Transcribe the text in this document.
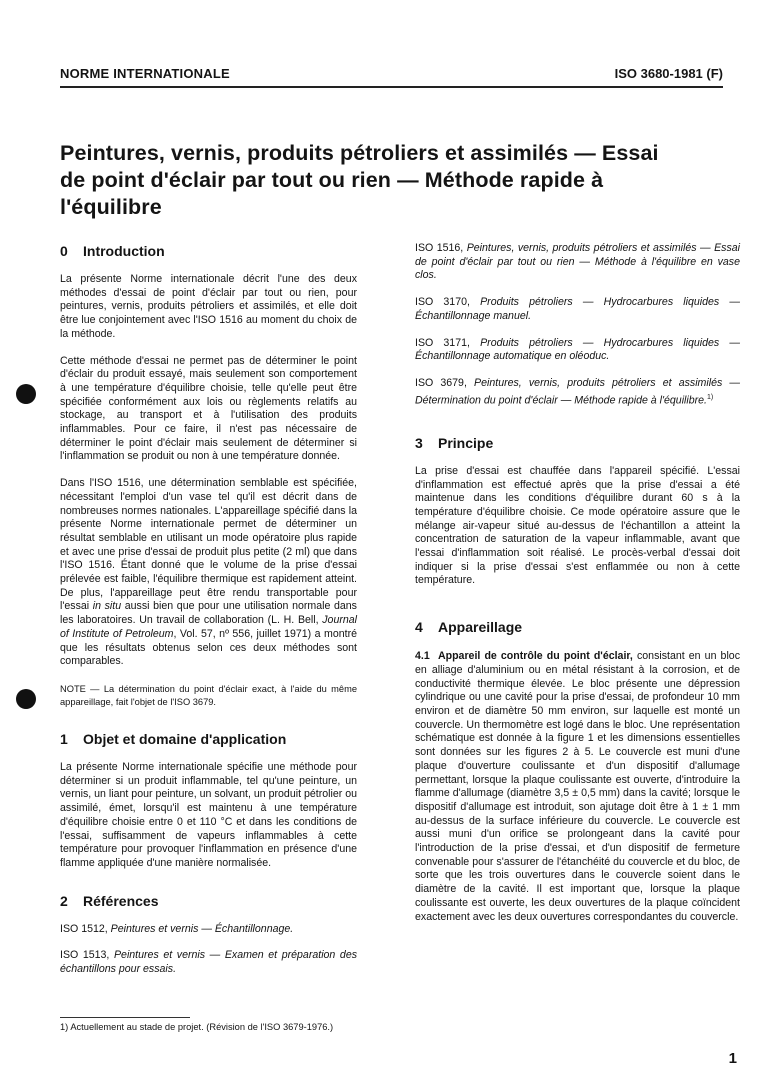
NORME INTERNATIONALE	ISO 3680-1981 (F)
Peintures, vernis, produits pétroliers et assimilés — Essai
de point d'éclair par tout ou rien — Méthode rapide à
l'équilibre
0 Introduction

La présente Norme internationale décrit l'une des deux méthodes d'essai de point d'éclair par tout ou rien, pour peintures, vernis, produits pétroliers et assimilés, et elle doit être lue conjointement avec l'ISO 1516 au moment du choix de la méthode.

Cette méthode d'essai ne permet pas de déterminer le point d'éclair du produit essayé, mais seulement son comportement à une température d'équilibre choisie, telle qu'elle peut être spécifiée conformément aux lois ou règlements relatifs au stockage, au transport et à l'utilisation des produits inflammables. Pour ce faire, il n'est pas nécessaire de déterminer le point d'éclair mais seulement de déterminer si l'inflammation se produit ou non à une température donnée.

Dans l'ISO 1516, une détermination semblable est spécifiée, nécessitant l'emploi d'un vase tel qu'il est décrit dans de nombreuses normes nationales. L'appareillage spécifié dans la présente Norme internationale permet de déterminer un résultat semblable en utilisant un mode opératoire plus rapide et avec une prise d'essai de produit plus petite (2 ml) que dans l'ISO 1516. Étant donné que le volume de la prise d'essai prélevée est faible, l'équilibre thermique est rapidement atteint. De plus, l'appareillage peut être rendu transportable pour l'essai in situ aussi bien que pour une utilisation normale dans les laboratoires. Un travail de collaboration (L. H. Bell, Journal of Institute of Petroleum, Vol. 57, nº 556, juillet 1971) a montré que les résultats obtenus selon ces deux méthodes sont comparables.

NOTE — La détermination du point d'éclair exact, à l'aide du même appareillage, fait l'objet de l'ISO 3679.

1 Objet et domaine d'application

La présente Norme internationale spécifie une méthode pour déterminer si un produit inflammable, tel qu'une peinture, un vernis, un liant pour peinture, un solvant, un produit pétrolier ou assimilé, émet, lorsqu'il est maintenu à une température d'équilibre choisie entre 0 et 110 °C et dans les conditions de l'essai, suffisamment de vapeurs inflammables à cette température pour provoquer l'inflammation en présence d'une flamme appliquée d'une manière normalisée.

2 Références

ISO 1512, Peintures et vernis — Échantillonnage.

ISO 1513, Peintures et vernis — Examen et préparation des échantillons pour essais.

ISO 1516, Peintures, vernis, produits pétroliers et assimilés — Essai de point d'éclair par tout ou rien — Méthode à l'équilibre en vase clos.

ISO 3170, Produits pétroliers — Hydrocarbures liquides — Échantillonnage manuel.

ISO 3171, Produits pétroliers — Hydrocarbures liquides — Échantillonnage automatique en oléoduc.

ISO 3679, Peintures, vernis, produits pétroliers et assimilés — Détermination du point d'éclair — Méthode rapide à l'équilibre.$^{1)}$

3 Principe

La prise d'essai est chauffée dans l'appareil spécifié. L'essai d'inflammation est effectué après que la prise d'essai a été maintenue dans les conditions d'équilibre durant 60 s à la température d'équilibre choisie. Ce mode opératoire assure que le mélange air-vapeur situé au-dessus de l'échantillon a atteint la concentration de saturation de la vapeur inflammable, avant que l'essai d'inflammation soit réalisé. Le procès-verbal d'essai doit indiquer si la prise d'essai s'est enflammée ou non à cette température.

4 Appareillage

4.1 Appareil de contrôle du point d'éclair, consistant en un bloc en alliage d'aluminium ou en métal résistant à la corrosion, et de conductivité thermique élevée. Le bloc présente une dépression cylindrique ou une cavité pour la prise d'essai, de profondeur 10 mm environ et de diamètre 50 mm environ, sur laquelle est monté un couvercle. Un thermomètre est logé dans le bloc. Une représentation schématique est donnée à la figure 1 et les dimensions essentielles sont données sur les figures 2 à 5. Le couvercle est muni d'une plaque d'ouverture coulissante et d'un dispositif d'allumage permettant, lorsque la plaque coulissante est ouverte, d'introduire la flamme d'allumage (diamètre 3,5 ± 0,5 mm) dans la cavité; lorsque le dispositif d'allumage est introduit, son ajutage doit être à 1 ± 1 mm au-dessus de la surface inférieure du couvercle. Le couvercle est aussi muni d'un orifice se prolongeant dans la cavité pour l'introduction de la prise d'essai, et d'un dispositif de fermeture convenable pour s'assurer de l'étanchéité du couvercle et du bloc, de sorte que les trois ouvertures dans le couvercle soient dans le diamètre de la cavité. Il est important que, lorsque la plaque coulissante est ouverte, les deux ouvertures de la plaque coïncident exactement avec les deux ouvertures correspondantes du couvercle.

1) Actuellement au stade de projet. (Révision de l'ISO 3679-1976.)
1
